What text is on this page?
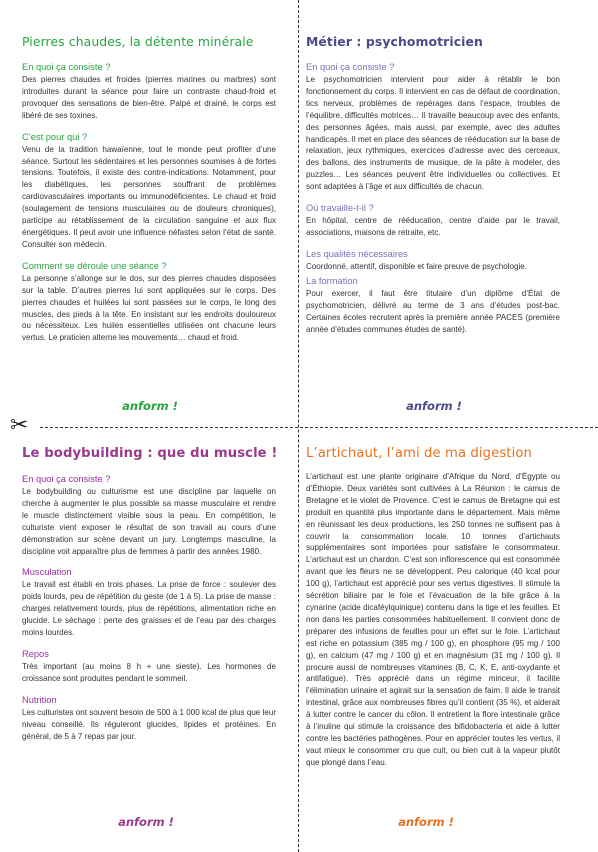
✂
Pierres chaudes, la détente minérale
En quoi ça consiste ?

Des pierres chaudes et froides (pierres marines ou marbres) sont introduites durant la séance pour faire un contraste chaud-froid et provoquer des sensations de bien-être. Palpé et drainé, le corps est libéré de ses toxines.

C’est pour qui ?

Venu de la tradition hawaïenne, tout le monde peut profiter d’une séance. Surtout les sédentaires et les personnes soumises à de fortes tensions. Toutefois, il existe des contre-indications. Notamment, pour les diabétiques, les personnes souffrant de problèmes cardiovasculaires importants ou immunodéficientes. Le chaud et froid (soulagement de tensions musculaires ou de douleurs chroniques), participe au rétablissement de la circulation sanguine et aux flux énergétiques. Il peut avoir une influence néfastes selon l’état de santé. Consulter son médecin.

Comment se déroule une séance ?

La personne s’allonge sur le dos, sur des pierres chaudes disposées sur la table. D’autres pierres lui sont appliquées sur le corps. Des pierres chaudes et huilées lui sont passées sur le corps, le long des muscles, des pieds à la tête. En insistant sur les endroits douloureux ou nécessiteux. Les huiles essentielles utilisées ont chacune leurs vertus. Le praticien alterne les mouvements… chaud et froid.

anform !
Métier : psychomotricien
En quoi ça consiste ?

Le psychomotricien intervient pour aider à rétablir le bon fonctionnement du corps. Il intervient en cas de défaut de coordination, tics nerveux, problèmes de repérages dans l’espace, troubles de l’équilibre, difficultés motrices… Il travaille beaucoup avec des enfants, des personnes âgées, mais aussi, par exemple, avec des adultes handicapés. Il met en place des séances de rééducation sur la base de relaxation, jeux rythmiques, exercices d’adresse avec des cerceaux, des ballons, des instruments de musique, de la pâte à modeler, des puzzles… Les séances peuvent être individuelles ou collectives. Et sont adaptées à l’âge et aux difficultés de chacun.

Où travaille-t-il ?

En hôpital, centre de rééducation, centre d’aide par le travail, associations, maisons de retraite, etc.

Les qualités nécessaires

Coordonné, attentif, disponible et faire preuve de psychologie.

La formation

Pour exercer, il faut être titulaire d’un diplôme d’État de psychomotricien, délivré au terme de 3 ans d’études post-bac. Certaines écoles recrutent après la première année PACES (première année d’études communes études de santé).

anform !
Le bodybuilding : que du muscle !
En quoi ça consiste ?

Le bodybuilding ou culturisme est une discipline par laquelle on cherche à augmenter le plus possible sa masse musculaire et rendre le muscle distinctement visible sous la peau. En compétition, le culturiste vient exposer le résultat de son travail au cours d’une démonstration sur scène devant un jury. Longtemps masculine, la discipline voit apparaître plus de femmes à partir des années 1980.

Musculation

Le travail est établi en trois phases. La prise de force : soulever des poids lourds, peu de répétition du geste (de 1 à 5). La prise de masse : charges relativement lourds, plus de répétitions, alimentation riche en glucide. Le séchage : perte des graisses et de l’eau par des charges moins lourdes.

Repos

Très important (au moins 8 h + une sieste). Les hormones de croissance sont produites pendant le sommeil.

Nutrition

Les culturistes ont souvent besoin de 500 à 1 000 kcal de plus que leur niveau conseillé. Ils réguleront glucides, lipides et protéines. En général, de 5 à 7 repas par jour.

anform !
L’artichaut, l’ami de ma digestion

L’artichaut est une plante originaire d’Afrique du Nord, d’Égypte ou d’Éthiopie. Deux variétés sont cultivées à La Réunion : le camus de Bretagne et le violet de Provence. C’est le camus de Bretagne qui est produit en quantité plus importante dans le département. Mais même en réunissant les deux productions, les 250 tonnes ne suffisent pas à couvrir la consommation locale. 10 tonnes d’artichauts supplémentaires sont importées pour satisfaire le consommateur. L’artichaut est un chardon. C’est son inflorescence qui est consommée avant que les fleurs ne se développent. Peu calorique (40 kcal pour 100 g), l’artichaut est apprécié pour ses vertus digestives. Il stimule la sécrétion biliaire par le foie et l’évacuation de la bile grâce à la cynarine (acide dicaféylquinique) contenu dans la tige et les feuilles. Et non dans les parties consommées habituellement. Il convient donc de préparer des infusions de feuilles pour un effet sur le foie. L’artichaut est riche en potassium (385 mg / 100 g), en phosphore (95 mg / 100 g), en calcium (47 mg / 100 g) et en magnésium (31 mg / 100 g). Il procure aussi de nombreuses vitamines (B, C, K, E, anti-oxydante et antifatigue). Très apprécié dans un régime minceur, il facilite l’élimination urinaire et agirait sur la sensation de faim. Il aide le transit intestinal, grâce aux nombreuses fibres qu’il contient (35 %), et aiderait à lutter contre le cancer du côlon. Il entretient la flore intestinale grâce à l’inuline qui stimule la croissance des bifidobacteria et aide à lutter contre les bactéries pathogènes. Pour en apprécier toutes les vertus, il vaut mieux le consommer cru que cuit, ou bien cuit à la vapeur plutôt que plongé dans l’eau.

anform !
